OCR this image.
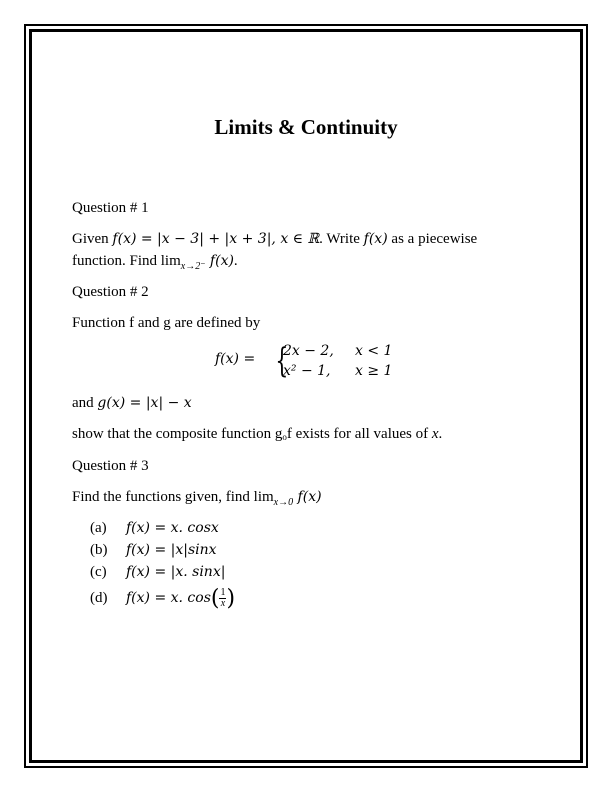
Limits & Continuity
Question # 1
Given f(x) = |x − 3| + |x + 3|, x ∈ ℝ. Write f(x) as a piecewise
function. Find $\lim_{x\to 2^-} f(x)$.
Question # 2
Function f and g are defined by
f(x) = {
2x − 2, x < 1
x² − 1, x ≥ 1
and g(x) = |x| − x
show that the composite function $g_of$ exists for all values of x.
Question # 3
Find the functions given, find $\lim_{x\to 0} f(x)$
(a) f(x) = x. cosx
(b) f(x) = |x|sinx
(c) f(x) = |x. sinx|
(d) f(x) = x. $\cos( \frac{1}{x}$ )
